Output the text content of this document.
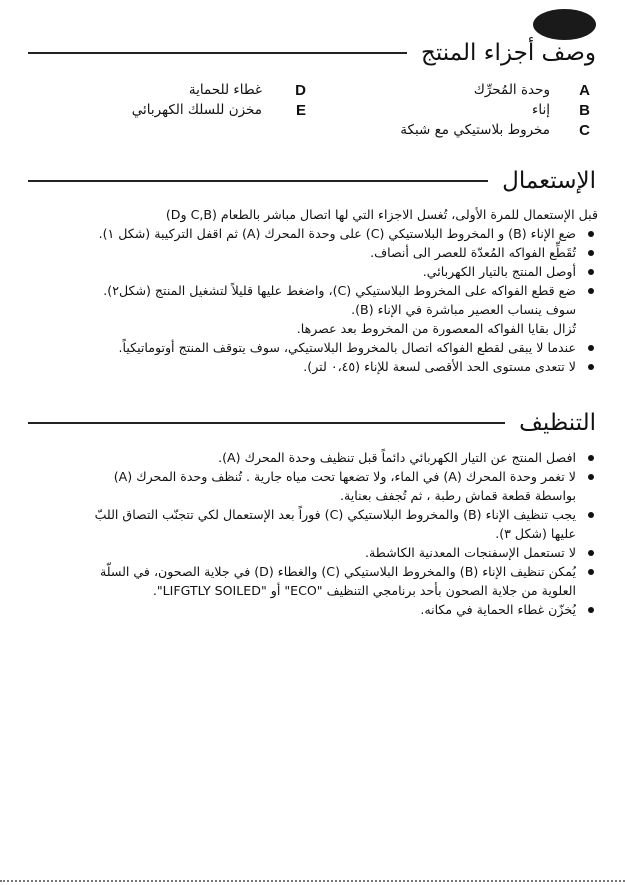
وصف أجزاء المنتج
A
وحدة المُحرِّك
B
إناء
C
مخروط بلاستيكي مع شبكة
D
غطاء للحماية
E
مخزن للسلك الكهربائي
الإستعمال

قبل الإستعمال للمرة الأولى، تُغسل الاجزاء التي لها اتصال مباشر بالطعام (C,B وD)

ضع الإناء (B) و المخروط البلاستيكي (C) على وحدة المحرك (A) ثم اقفل التركيبة (شكل ١).
تُقَطِّع الفواكه المُعدّة للعصر الى أنصاف.
أوصل المنتج بالتيار الكهربائي.
ضع قطع الفواكه على المخروط البلاستيكي (C)، واضغط عليها قليلاً لتشغيل المنتج (شكل٢).
سوف ينساب العصير مباشرة في الإناء (B).
تُزال بقايا الفواكه المعصورة من المخروط بعد عصرها.
عندما لا يبقى لقطع الفواكه اتصال بالمخروط البلاستيكي، سوف يتوقف المنتج أوتوماتيكياً.
لا تتعدى مستوى الحد الأقصى لسعة للإناء (٠،٤٥ لتر).
التنظيف
افصل المنتج عن التيار الكهربائي دائماً قبل تنظيف وحدة المحرك (A).
لا تغمر وحدة المحرك (A) في الماء، ولا تضعها تحت مياه جارية . تُنظف وحدة المحرك (A)
بواسطة قطعة قماش رطبة ، ثم تُجفف بعناية.
يجب تنظيف الإناء (B) والمخروط البلاستيكي (C) فوراً بعد الإستعمال لكي تتجنّب التصاق اللبّ
عليها (شكل ٣).
لا تستعمل الإسفنجات المعدنية الكاشطة.
يُمكن تنظيف الإناء (B) والمخروط البلاستيكي (C) والغطاء (D) في جلاية الصحون، في السلّة
العلوية من جلاية الصحون بأحد برنامجي التنظيف "ECO" أو "LIFGTLY SOILED".
يُخزّن غطاء الحماية في مكانه.
